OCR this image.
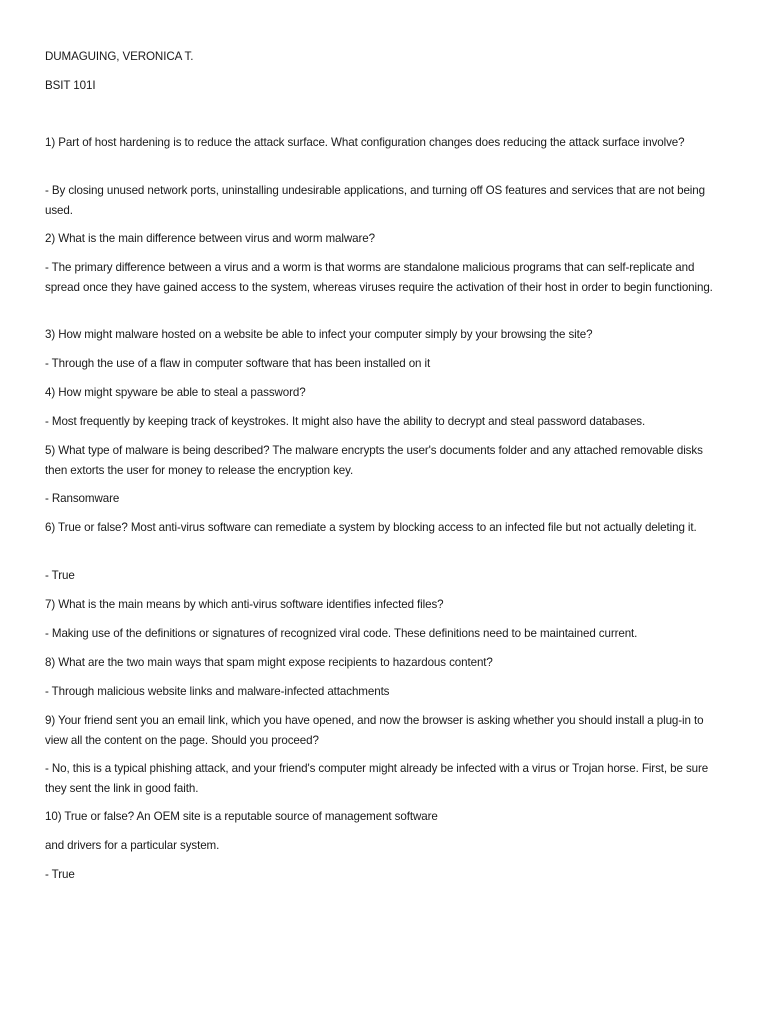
DUMAGUING, VERONICA T.

BSIT 101I

1) Part of host hardening is to reduce the attack surface. What configuration changes does reducing the attack surface involve?

- By closing unused network ports, uninstalling undesirable applications, and turning off OS features and services that are not being used.

2) What is the main difference between virus and worm malware?

- The primary difference between a virus and a worm is that worms are standalone malicious programs that can self-replicate and spread once they have gained access to the system, whereas viruses require the activation of their host in order to begin functioning.

3) How might malware hosted on a website be able to infect your computer simply by your browsing the site?

- Through the use of a flaw in computer software that has been installed on it

4) How might spyware be able to steal a password?

- Most frequently by keeping track of keystrokes. It might also have the ability to decrypt and steal password databases.

5) What type of malware is being described? The malware encrypts the user's documents folder and any attached removable disks then extorts the user for money to release the encryption key.

- Ransomware

6) True or false? Most anti-virus software can remediate a system by blocking access to an infected file but not actually deleting it.

- True

7) What is the main means by which anti-virus software identifies infected files?

- Making use of the definitions or signatures of recognized viral code. These definitions need to be maintained current.

8) What are the two main ways that spam might expose recipients to hazardous content?

- Through malicious website links and malware-infected attachments

9) Your friend sent you an email link, which you have opened, and now the browser is asking whether you should install a plug-in to view all the content on the page. Should you proceed?

- No, this is a typical phishing attack, and your friend's computer might already be infected with a virus or Trojan horse. First, be sure they sent the link in good faith.

10) True or false? An OEM site is a reputable source of management software

and drivers for a particular system.

- True
